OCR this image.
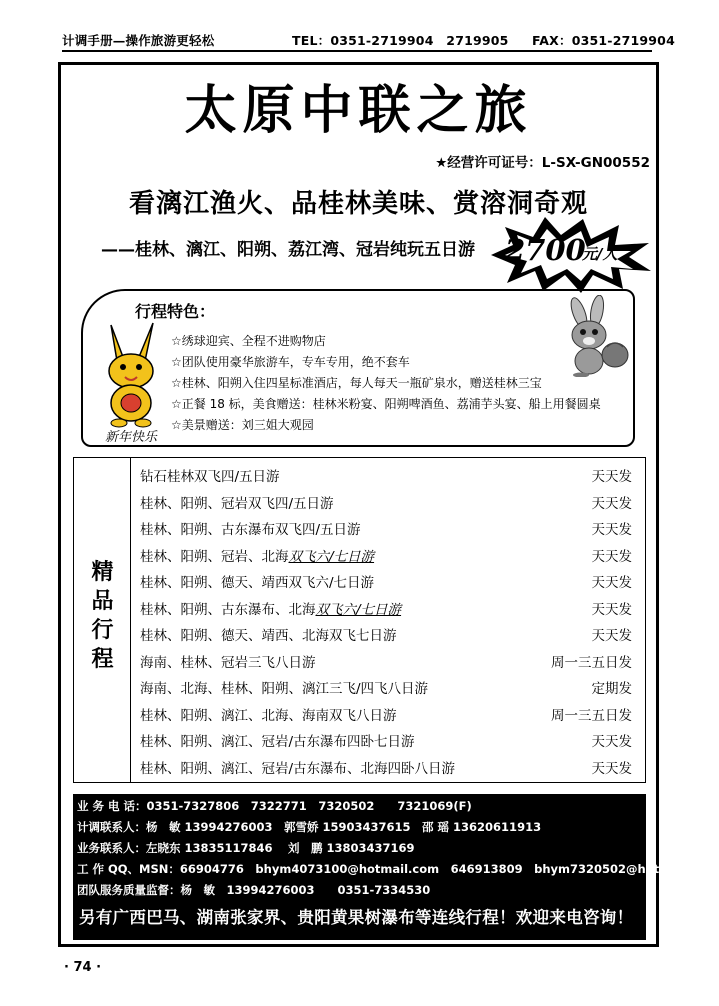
计调手册—操作旅游更轻松	TEL：0351-2719904　2719905 FAX：0351-2719904
太原中联之旅
★经营许可证号：L-SX-GN00552
看漓江渔火、品桂林美味、赏溶洞奇观
——桂林、漓江、阳朔、荔江湾、冠岩纯玩五日游 2700
元/人
行程特色：
新年快乐
☆绣球迎宾、全程不进购物店
☆团队使用豪华旅游车，专车专用，绝不套车
☆桂林、阳朔入住四星标准酒店，每人每天一瓶矿泉水，赠送桂林三宝
☆正餐 18 标，美食赠送：桂林米粉宴、阳朔啤酒鱼、荔浦芋头宴、船上用餐圆桌
☆美景赠送：刘三姐大观园
精
品
行
程
钻石桂林双飞四/五日游	天天发
桂林、阳朔、冠岩双飞四/五日游	天天发
桂林、阳朔、古东瀑布双飞四/五日游	天天发
桂林、阳朔、冠岩、北海双飞六/七日游	天天发
桂林、阳朔、德天、靖西双飞六/七日游	天天发
桂林、阳朔、古东瀑布、北海双飞六/七日游	天天发
桂林、阳朔、德天、靖西、北海双飞七日游	天天发
海南、桂林、冠岩三飞八日游	周一三五日发
海南、北海、桂林、阳朔、漓江三飞/四飞八日游	定期发
桂林、阳朔、漓江、北海、海南双飞八日游	周一三五日发
桂林、阳朔、漓江、冠岩/古东瀑布四卧七日游	天天发
桂林、阳朔、漓江、冠岩/古东瀑布、北海四卧八日游	天天发
业 务 电 话：0351-7327806　7322771　7320502　　7321069(F)
计调联系人：杨　敏 13994276003　郭雪娇 15903437615　邵 瑶 13620611913
业务联系人：左晓东 13835117846　 刘　鹏 13803437169
工 作 QQ、MSN：66904776　bhym4073100@hotmail.com　646913809　bhym7320502@hotmail.com
团队服务质量监督：杨　敏　13994276003　　0351-7334530
另有广西巴马、湖南张家界、贵阳黄果树瀑布等连线行程！欢迎来电咨询！
· 74 ·
